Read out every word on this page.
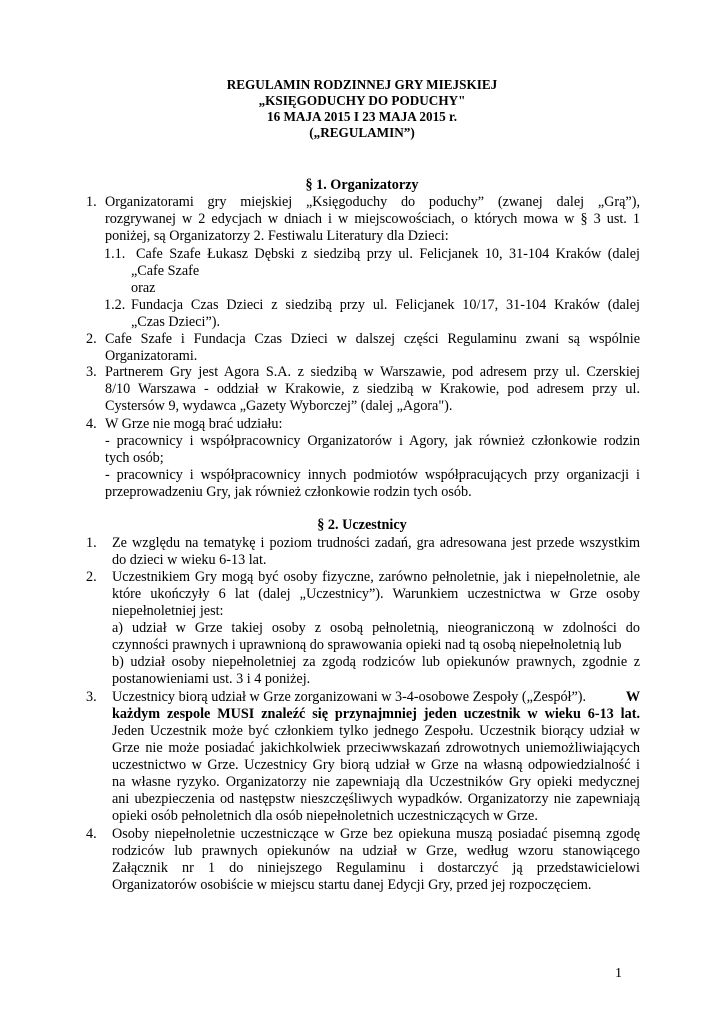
REGULAMIN RODZINNEJ GRY MIEJSKIEJ
„KSIĘGODUCHY DO PODUCHY"
16 MAJA 2015 I 23 MAJA 2015 r.
(„REGULAMIN”)
§ 1. Organizatorzy
1. Organizatorami gry miejskiej „Księgoduchy do poduchy” (zwanej dalej „Grą”),
rozgrywanej w 2 edycjach w dniach i w miejscowościach, o których mowa w § 3 ust. 1
poniżej, są Organizatorzy 2. Festiwalu Literatury dla Dzieci:
1.1. Cafe Szafe Łukasz Dębski z siedzibą przy ul. Felicjanek 10, 31-104 Kraków (dalej
„Cafe Szafe
oraz
1.2. Fundacja Czas Dzieci z siedzibą przy ul. Felicjanek 10/17, 31-104 Kraków (dalej
„Czas Dzieci”).
2. Cafe Szafe i Fundacja Czas Dzieci w dalszej części Regulaminu zwani są wspólnie
Organizatorami.
3. Partnerem Gry jest Agora S.A. z siedzibą w Warszawie, pod adresem przy ul. Czerskiej
8/10 Warszawa - oddział w Krakowie, z siedzibą w Krakowie, pod adresem przy ul.
Cystersów 9, wydawca „Gazety Wyborczej” (dalej „Agora").
4. W Grze nie mogą brać udziału:
- pracownicy i współpracownicy Organizatorów i Agory, jak również członkowie rodzin
tych osób;
- pracownicy i współpracownicy innych podmiotów współpracujących przy organizacji i
przeprowadzeniu Gry, jak również członkowie rodzin tych osób.
§ 2. Uczestnicy
1. Ze względu na tematykę i poziom trudności zadań, gra adresowana jest przede wszystkim
do dzieci w wieku 6-13 lat.
2. Uczestnikiem Gry mogą być osoby fizyczne, zarówno pełnoletnie, jak i niepełnoletnie, ale
które ukończyły 6 lat (dalej „Uczestnicy”). Warunkiem uczestnictwa w Grze osoby
niepełnoletniej jest:
a) udział w Grze takiej osoby z osobą pełnoletnią, nieograniczoną w zdolności do
czynności prawnych i uprawnioną do sprawowania opieki nad tą osobą niepełnoletnią lub
b) udział osoby niepełnoletniej za zgodą rodziców lub opiekunów prawnych, zgodnie z
postanowieniami ust. 3 i 4 poniżej.
3. Uczestnicy biorą udział w Grze zorganizowani w 3-4-osobowe Zespoły („Zespół”).	W
każdym zespole MUSI znaleźć się przynajmniej jeden uczestnik w wieku 6-13 lat.
Jeden Uczestnik może być członkiem tylko jednego Zespołu. Uczestnik biorący udział w
Grze nie może posiadać jakichkolwiek przeciwwskazań zdrowotnych uniemożliwiających
uczestnictwo w Grze. Uczestnicy Gry biorą udział w Grze na własną odpowiedzialność i
na własne ryzyko. Organizatorzy nie zapewniają dla Uczestników Gry opieki medycznej
ani ubezpieczenia od następstw nieszczęśliwych wypadków. Organizatorzy nie zapewniają
opieki osób pełnoletnich dla osób niepełnoletnich uczestniczących w Grze.
4. Osoby niepełnoletnie uczestniczące w Grze bez opiekuna muszą posiadać pisemną zgodę
rodziców lub prawnych opiekunów na udział w Grze, według wzoru stanowiącego
Załącznik nr 1 do niniejszego Regulaminu i dostarczyć ją przedstawicielowi
Organizatorów osobiście w miejscu startu danej Edycji Gry, przed jej rozpoczęciem.
1
